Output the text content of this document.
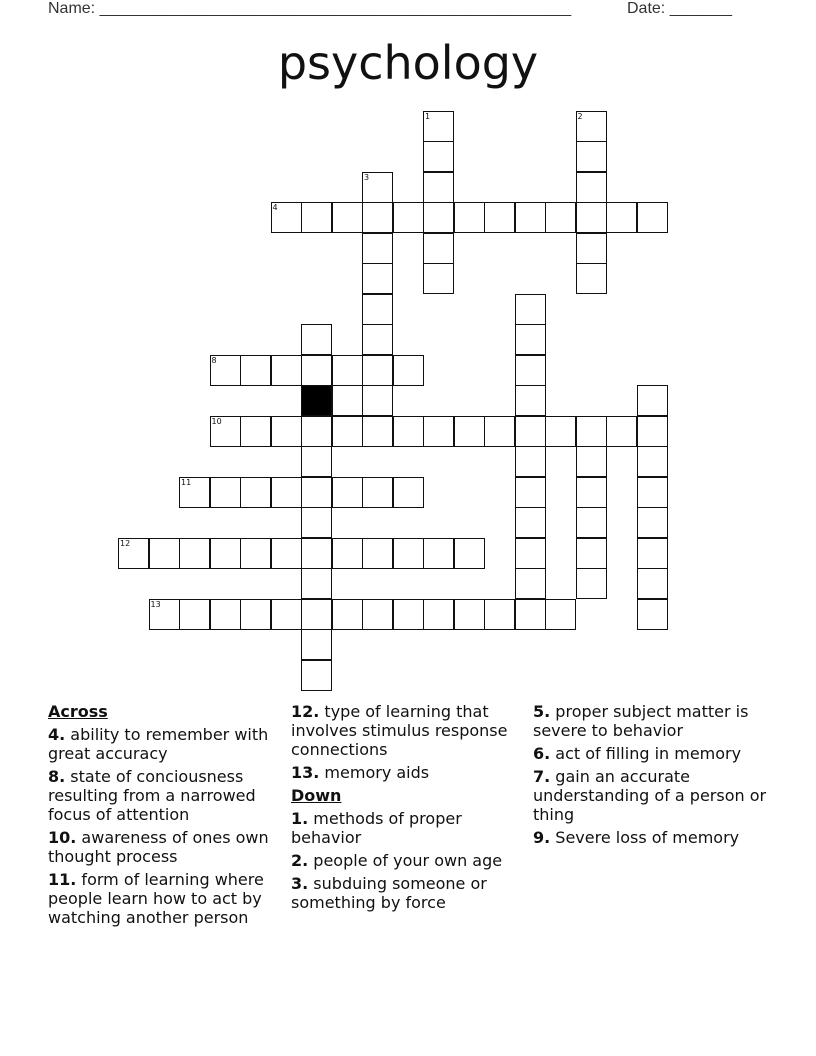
Name: _____________________________________________________	Date: _______
psychology
4
1	2
3
8
10
11
12
13
Across
4. ability to remember with great accuracy
8. state of conciousness resulting from a narrowed focus of attention
10. awareness of ones own thought process
11. form of learning where people learn how to act by watching another person
12. type of learning that involves stimulus response connections
13. memory aids
Down
1. methods of proper behavior
2. people of your own age
3. subduing someone or something by force
5. proper subject matter is severe to behavior
6. act of filling in memory
7. gain an accurate understanding of a person or thing
9. Severe loss of memory
